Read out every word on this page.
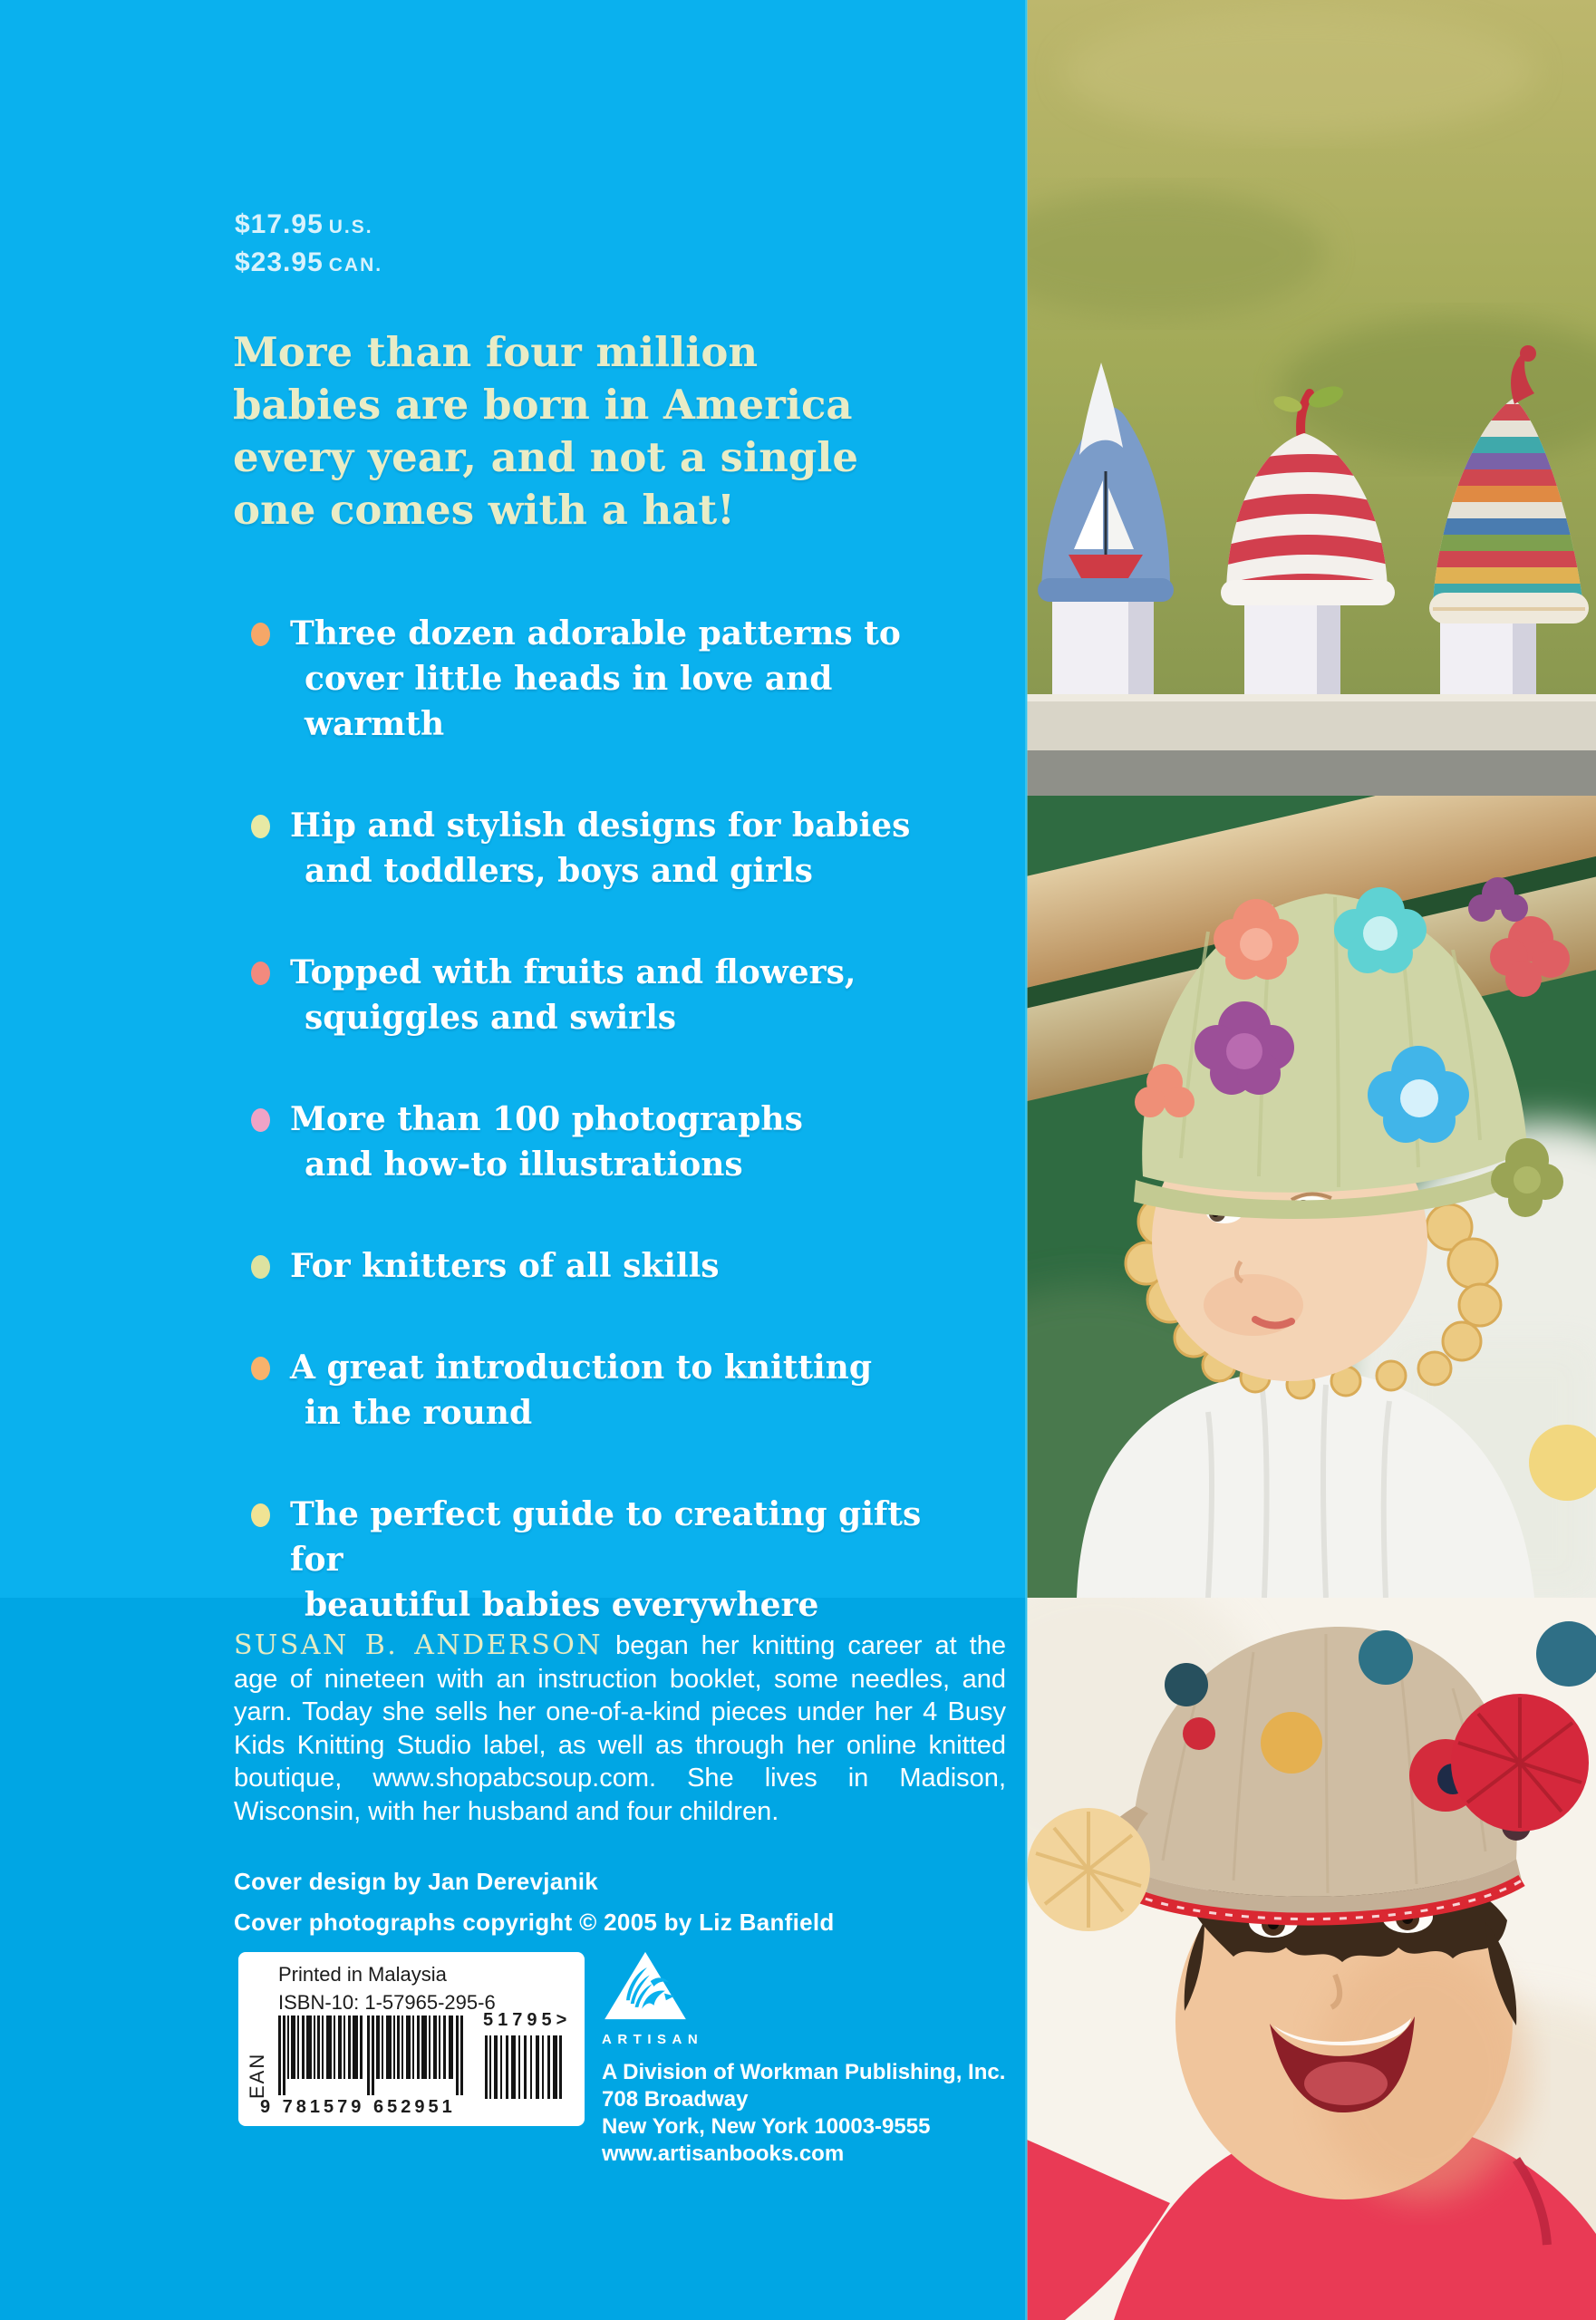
$17.95 U.S.
$23.95 CAN.
More than four million
babies are born in America
every year, and not a single
one comes with a hat!
Three dozen adorable patterns to
cover little heads in love and warmth
Hip and stylish designs for babies
and toddlers, boys and girls
Topped with fruits and flowers,
squiggles and swirls
More than 100 photographs
and how-to illustrations
For knitters of all skills
A great introduction to knitting
in the round
The perfect guide to creating gifts for
beautiful babies everywhere

SUSAN B. ANDERSON began her knitting career at the age of nineteen with an instruction booklet, some needles, and yarn. Today she sells her one-of-a-kind pieces under her 4 Busy Kids Knitting Studio label, as well as through her online knitted boutique, www.shopabcsoup.com. She lives in Madison, Wisconsin, with her husband and four children.

Cover design by Jan Derevjanik
Cover photographs copyright © 2005 by Liz Banfield
Printed in Malaysia
ISBN-10: 1-57965-295-6
EAN
9 781579 652951
51795>
ARTISAN
A Division of Workman Publishing, Inc.
708 Broadway
New York, New York 10003-9555
www.artisanbooks.com
